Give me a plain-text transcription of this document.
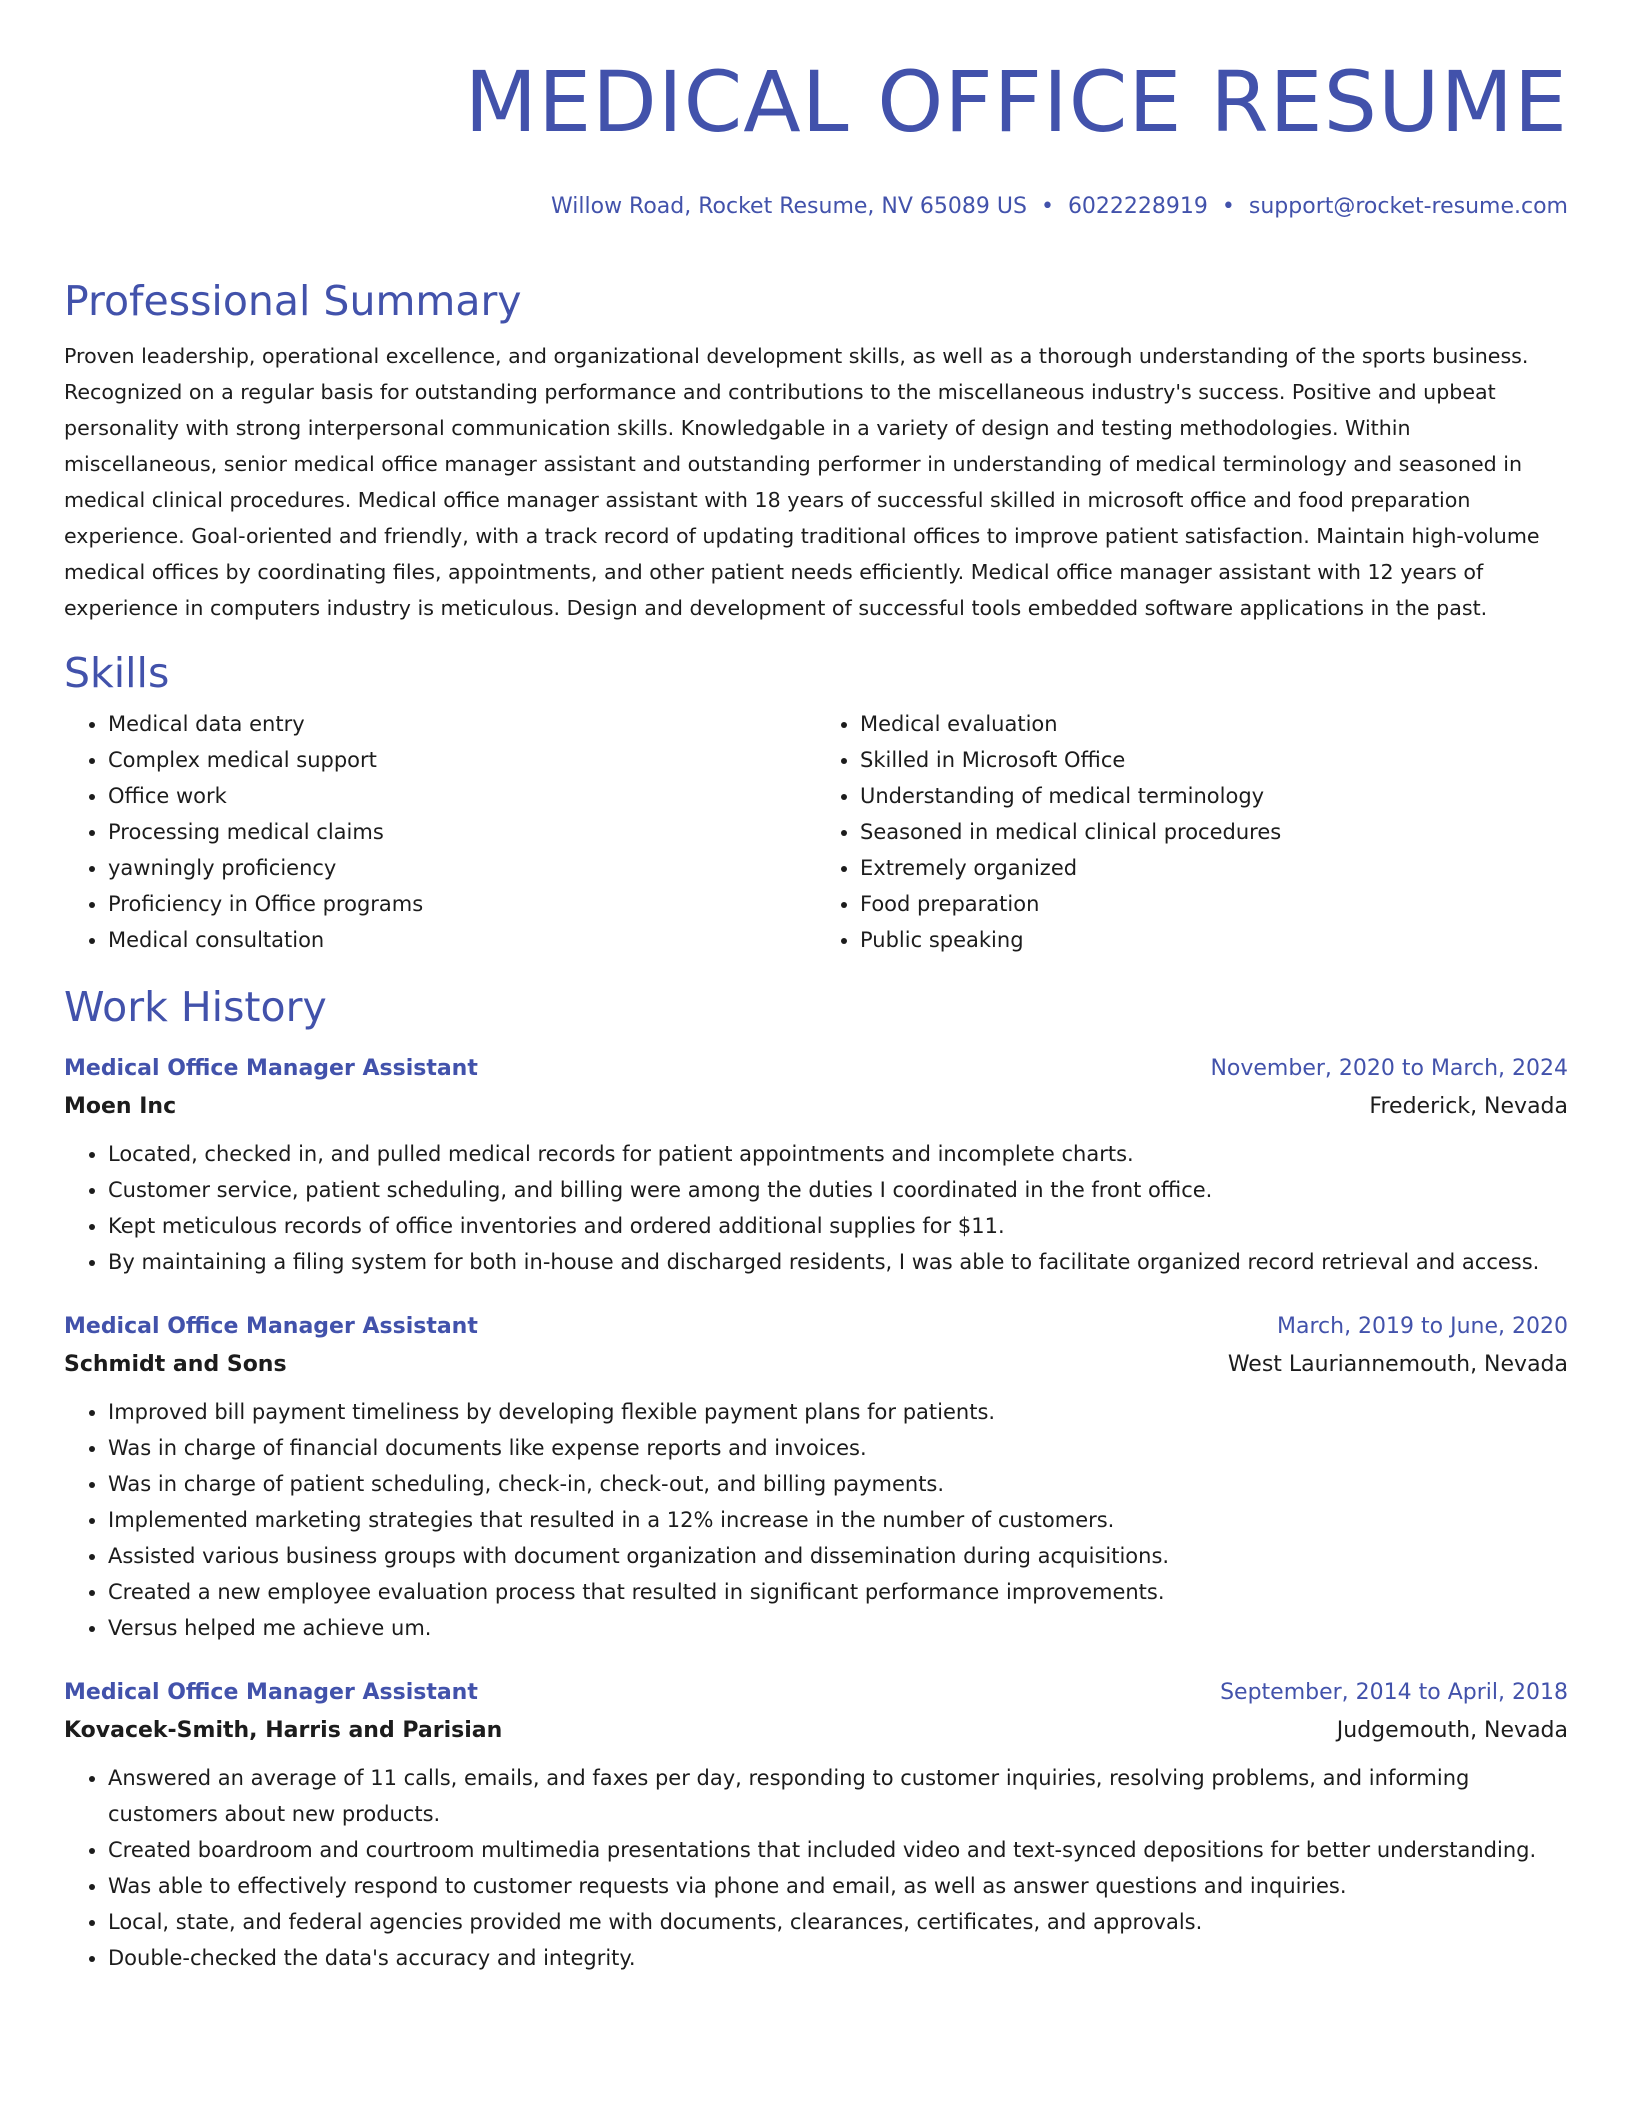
MEDICAL OFFICE RESUME
Willow Road, Rocket Resume, NV 65089 US • 6022228919 • support@rocket-resume.com
Professional Summary

Proven leadership, operational excellence, and organizational development skills, as well as a thorough understanding of the sports business. Recognized on a regular basis for outstanding performance and contributions to the miscellaneous industry's success. Positive and upbeat personality with strong interpersonal communication skills. Knowledgable in a variety of design and testing methodologies. Within miscellaneous, senior medical office manager assistant and outstanding performer in understanding of medical terminology and seasoned in medical clinical procedures. Medical office manager assistant with 18 years of successful skilled in microsoft office and food preparation experience. Goal-oriented and friendly, with a track record of updating traditional offices to improve patient satisfaction. Maintain high-volume medical offices by coordinating files, appointments, and other patient needs efficiently. Medical office manager assistant with 12 years of experience in computers industry is meticulous. Design and development of successful tools embedded software applications in the past.

Skills
• Medical data entry
• Complex medical support
• Office work
• Processing medical claims
• yawningly proficiency
• Proficiency in Office programs
• Medical consultation
• Medical evaluation
• Skilled in Microsoft Office
• Understanding of medical terminology
• Seasoned in medical clinical procedures
• Extremely organized
• Food preparation
• Public speaking
Work History
Medical Office Manager Assistant	November, 2020 to March, 2024
Moen Inc	Frederick, Nevada
• Located, checked in, and pulled medical records for patient appointments and incomplete charts.
• Customer service, patient scheduling, and billing were among the duties I coordinated in the front office.
• Kept meticulous records of office inventories and ordered additional supplies for $11.
• By maintaining a filing system for both in-house and discharged residents, I was able to facilitate organized record retrieval and access.
Medical Office Manager Assistant	March, 2019 to June, 2020
Schmidt and Sons	West Lauriannemouth, Nevada
• Improved bill payment timeliness by developing flexible payment plans for patients.
• Was in charge of financial documents like expense reports and invoices.
• Was in charge of patient scheduling, check-in, check-out, and billing payments.
• Implemented marketing strategies that resulted in a 12% increase in the number of customers.
• Assisted various business groups with document organization and dissemination during acquisitions.
• Created a new employee evaluation process that resulted in significant performance improvements.
• Versus helped me achieve um.
Medical Office Manager Assistant	September, 2014 to April, 2018
Kovacek-Smith, Harris and Parisian	Judgemouth, Nevada
• Answered an average of 11 calls, emails, and faxes per day, responding to customer inquiries, resolving problems, and informing customers about new products.
• Created boardroom and courtroom multimedia presentations that included video and text-synced depositions for better understanding.
• Was able to effectively respond to customer requests via phone and email, as well as answer questions and inquiries.
• Local, state, and federal agencies provided me with documents, clearances, certificates, and approvals.
• Double-checked the data's accuracy and integrity.
